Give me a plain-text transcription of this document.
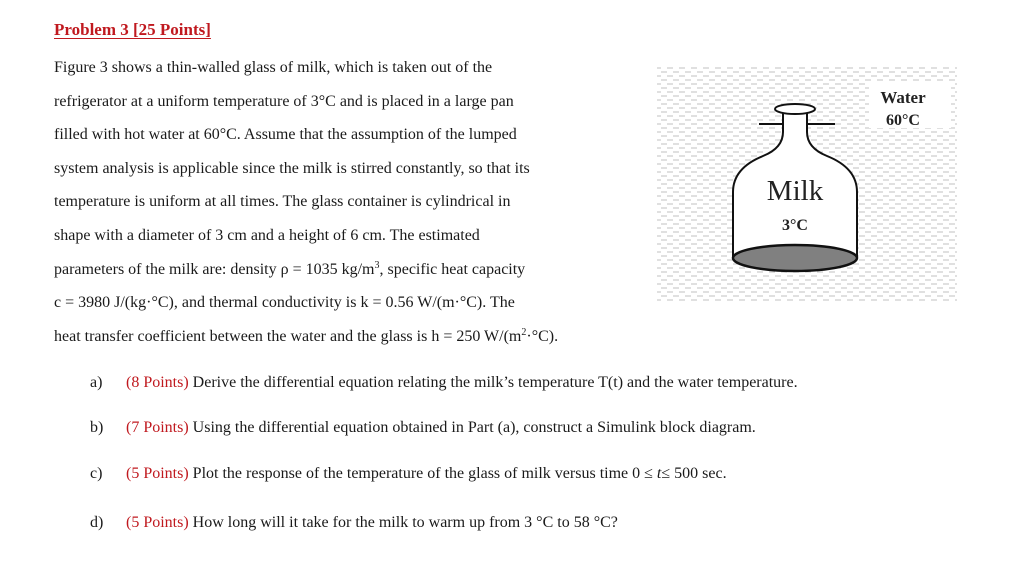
Problem 3 [25 Points]
Figure 3 shows a thin-walled glass of milk, which is taken out of the
refrigerator at a uniform temperature of 3°C and is placed in a large pan
filled with hot water at 60°C. Assume that the assumption of the lumped
system analysis is applicable since the milk is stirred constantly, so that its
temperature is uniform at all times. The glass container is cylindrical in
shape with a diameter of 3 cm and a height of 6 cm. The estimated
parameters of the milk are: density ρ = 1035 $kg/m^3$, specific heat capacity
c = 3980 J/(kg·°C), and thermal conductivity is k = 0.56 W/(m·°C). The
heat transfer coefficient between the water and the glass is h = 250 $W/(m^2\cdot^\circ C)$.
Water
60°C
Milk
3°C
a) (8 Points) Derive the differential equation relating the milk’s temperature T(t) and the water temperature.
b) (7 Points) Using the differential equation obtained in Part (a), construct a Simulink block diagram.
c) (5 Points) Plot the response of the temperature of the glass of milk versus time 0 ≤ t≤ 500 sec.
d) (5 Points) How long will it take for the milk to warm up from 3 °C to 58 °C?
